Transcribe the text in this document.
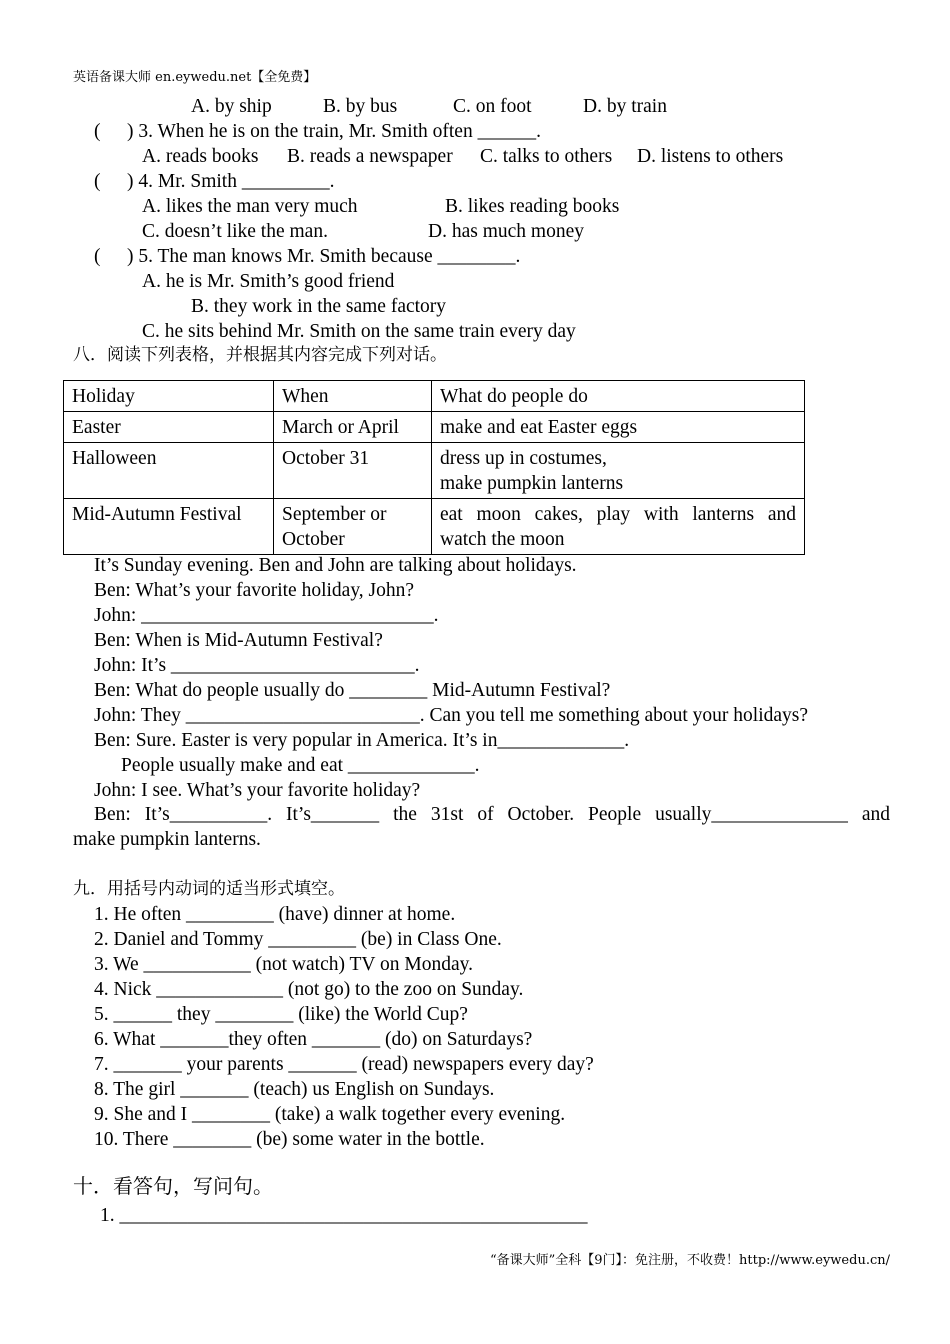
英语备课大师 en.eywedu.net【全免费】
A. by ship	B. by bus	C. on foot	D. by train
( ) 3. When he is on the train, Mr. Smith often ______.
A. reads books B. reads a newspaper C. talks to others D. listens to others
( ) 4. Mr. Smith _________.
A. likes the man very much	B. likes reading books
C. doesn’t like the man.	D. has much money
( ) 5. The man knows Mr. Smith because ________.
A. he is Mr. Smith’s good friend
B. they work in the same factory
C. he sits behind Mr. Smith on the same train every day
八．阅读下列表格，并根据其内容完成下列对话。
Holiday	When	What do people do
Easter	March or April	make and eat Easter eggs
Halloween	October 31	dress up in costumes,
make pumpkin lanterns

Mid-Autumn Festival	September or October	eat moon cakes, play with lanterns and
watch the moon
It’s Sunday evening. Ben and John are talking about holidays.
Ben: What’s your favorite holiday, John?
John: ______________________________.
Ben: When is Mid-Autumn Festival?
John: It’s _________________________.
Ben: What do people usually do ________ Mid-Autumn Festival?
John: They ________________________. Can you tell me something about your holidays?
Ben: Sure. Easter is very popular in America. It’s in_____________.
People usually make and eat _____________.
John: I see. What’s your favorite holiday?
Ben: It’s__________. It’s_______ the 31st of October. People usually______________ and
make pumpkin lanterns.
九．用括号内动词的适当形式填空。
1. He often _________ (have) dinner at home.
2. Daniel and Tommy _________ (be) in Class One.
3. We ___________ (not watch) TV on Monday.
4. Nick _____________ (not go) to the zoo on Sunday.
5. ______ they ________ (like) the World Cup?
6. What _______they often _______ (do) on Saturdays?
7. _______ your parents _______ (read) newspapers every day?
8. The girl _______ (teach) us English on Sundays.
9. She and I ________ (take) a walk together every evening.
10. There ________ (be) some water in the bottle.
十．看答句，写问句。
1. ________________________________________________
“备课大师”全科【9门】：免注册，不收费！http://www.eywedu.cn/
